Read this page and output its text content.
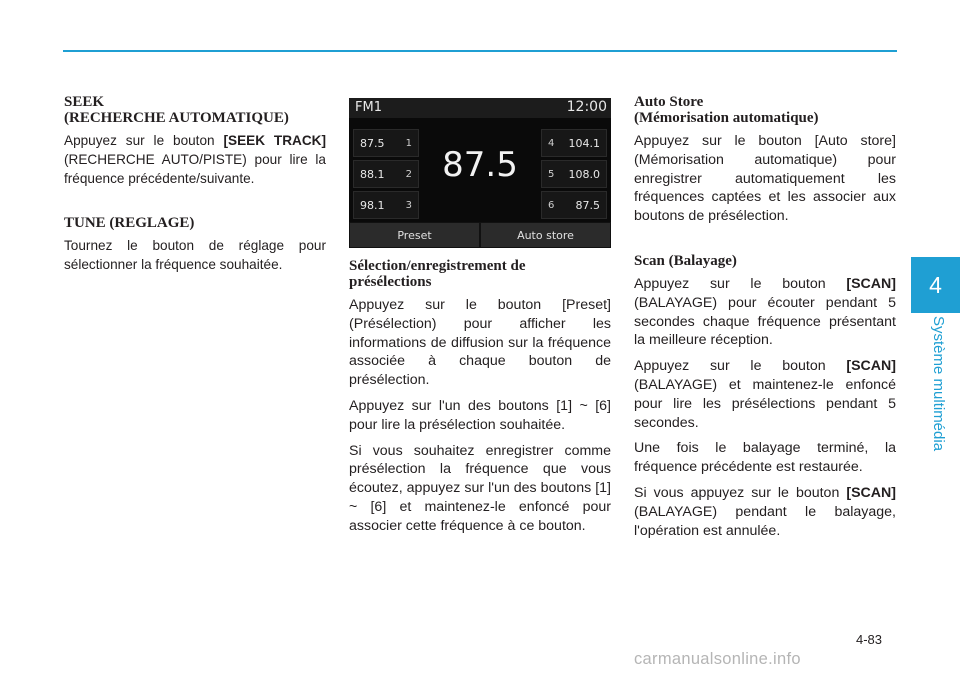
4
Système multimédia
SEEK
(RECHERCHE AUTOMATIQUE)

Appuyez sur le bouton [SEEK TRACK] (RECHERCHE AUTO/PISTE) pour lire la fréquence précédente/suivante.

TUNE (REGLAGE)

Tournez le bouton de réglage pour sélectionner la fréquence souhaitée.

FM1	12:00
87.5 1
88.1 2
98.1 3
87.5
4 104.1
5 108.0
6 87.5
Preset	Auto store
Sélection/enregistrement de
présélections

Appuyez sur le bouton [Preset] (Présélection) pour afficher les informations de diffusion sur la fréquence associée à chaque bouton de présélection.

Appuyez sur l'un des boutons [1] ~ [6] pour lire la présélection souhaitée.

Si vous souhaitez enregistrer comme présélection la fréquence que vous écoutez, appuyez sur l'un des boutons [1] ~ [6] et maintenez-le enfoncé pour associer cette fréquence à ce bouton.

Auto Store
(Mémorisation automatique)

Appuyez sur le bouton [Auto store] (Mémorisation automatique) pour enregistrer automatiquement les fréquences captées et les associer aux boutons de présélection.

Scan (Balayage)

Appuyez sur le bouton [SCAN] (BALAYAGE) pour écouter pendant 5 secondes chaque fréquence présentant la meilleure réception.

Appuyez sur le bouton [SCAN] (BALAYAGE) et maintenez-le enfoncé pour lire les présélections pendant 5 secondes.

Une fois le balayage terminé, la fréquence précédente est restaurée.

Si vous appuyez sur le bouton [SCAN] (BALAYAGE) pendant le balayage, l'opération est annulée.

4-83
carmanualsonline.info
